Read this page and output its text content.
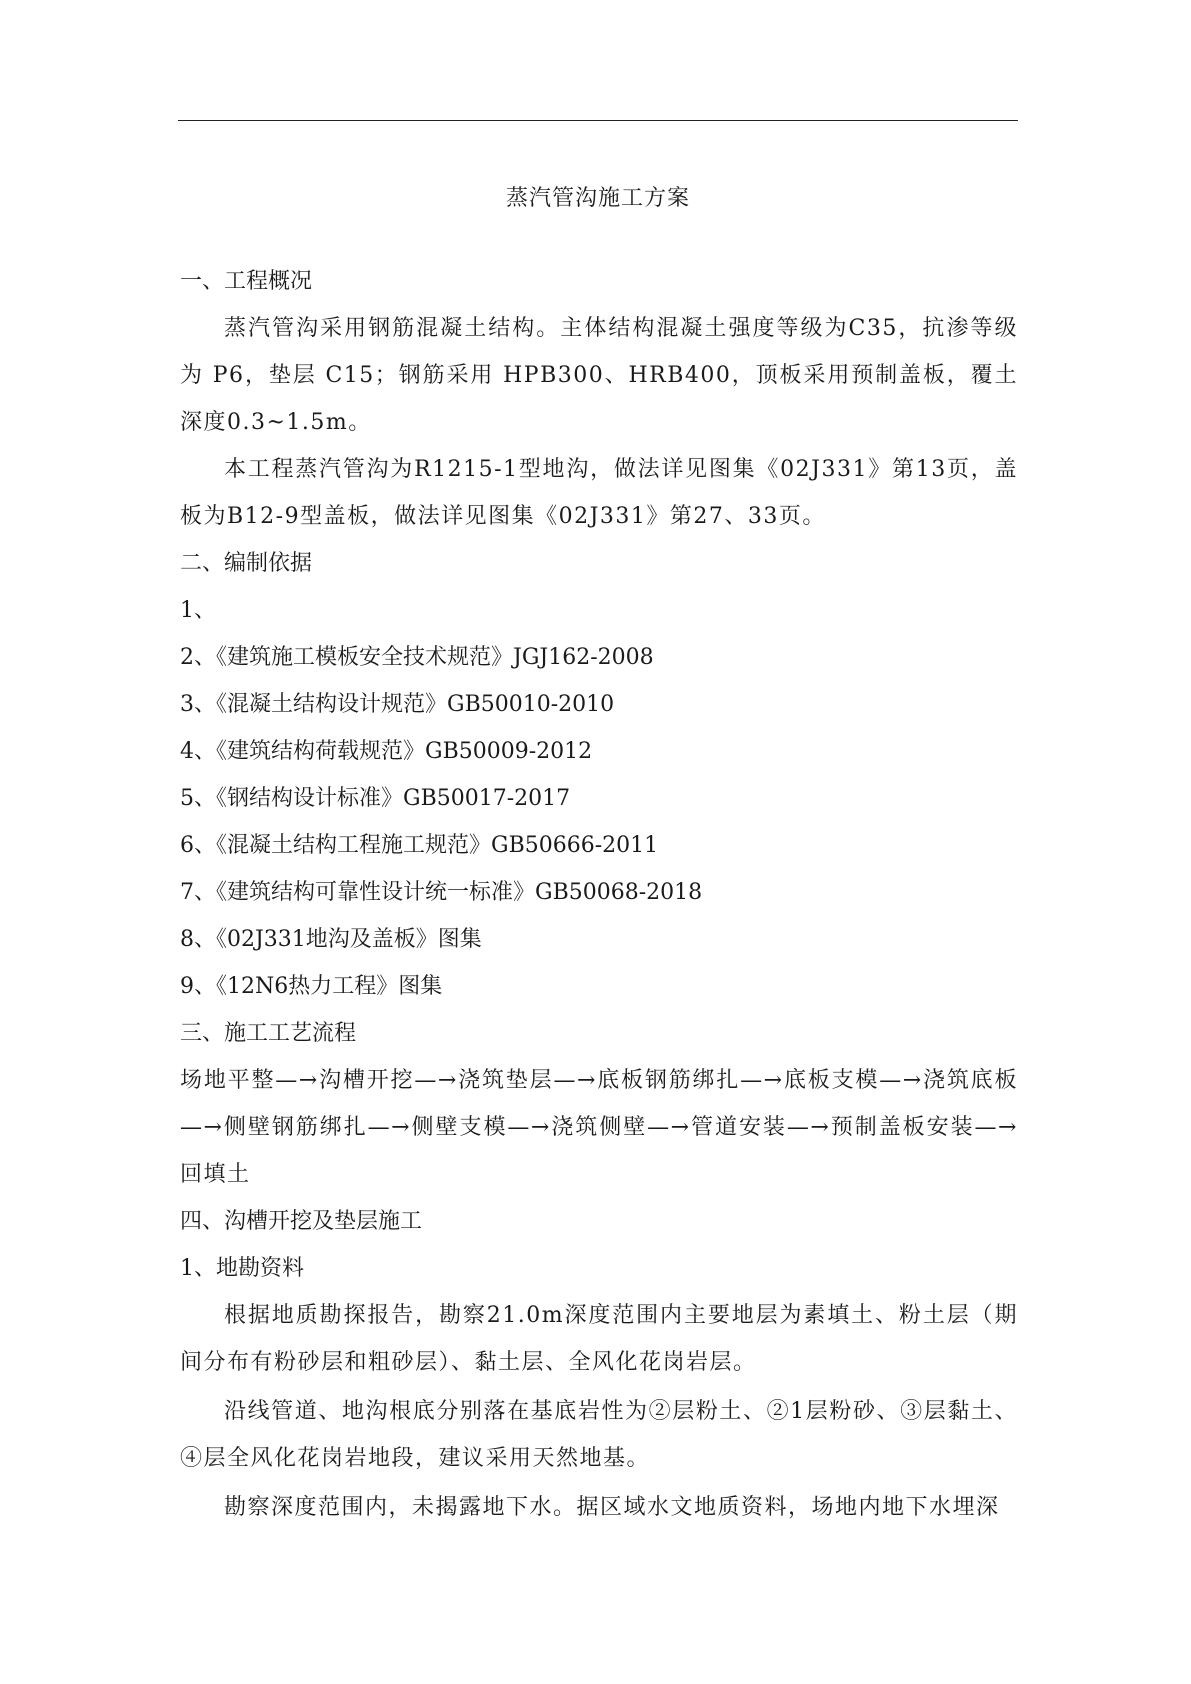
蒸汽管沟施工方案
一、工程概况

蒸汽管沟采用钢筋混凝土结构。主体结构混凝土强度等级为C35，抗渗等级为 P6，垫层 C15；钢筋采用 HPB300、HRB400，顶板采用预制盖板，覆土深度0.3~1.5m。

本工程蒸汽管沟为R1215-1型地沟，做法详见图集《02J331》第13页，盖板为B12-9型盖板，做法详见图集《02J331》第27、33页。

二、编制依据
1、
2、《建筑施工模板安全技术规范》JGJ162-2008
3、《混凝土结构设计规范》GB50010-2010
4、《建筑结构荷载规范》GB50009-2012
5、《钢结构设计标准》GB50017-2017
6、《混凝土结构工程施工规范》GB50666-2011
7、《建筑结构可靠性设计统一标准》GB50068-2018
8、《02J331地沟及盖板》图集
9、《12N6热力工程》图集
三、施工工艺流程

场地平整—→沟槽开挖—→浇筑垫层—→底板钢筋绑扎—→底板支模—→浇筑底板—→侧壁钢筋绑扎—→侧壁支模—→浇筑侧壁—→管道安装—→预制盖板安装—→回填土

四、沟槽开挖及垫层施工
1、地勘资料

根据地质勘探报告，勘察21.0m深度范围内主要地层为素填土、粉土层（期间分布有粉砂层和粗砂层）、黏土层、全风化花岗岩层。

沿线管道、地沟根底分别落在基底岩性为②层粉土、②1层粉砂、③层黏土、④层全风化花岗岩地段，建议采用天然地基。

勘察深度范围内，未揭露地下水。据区域水文地质资料，场地内地下水埋深
